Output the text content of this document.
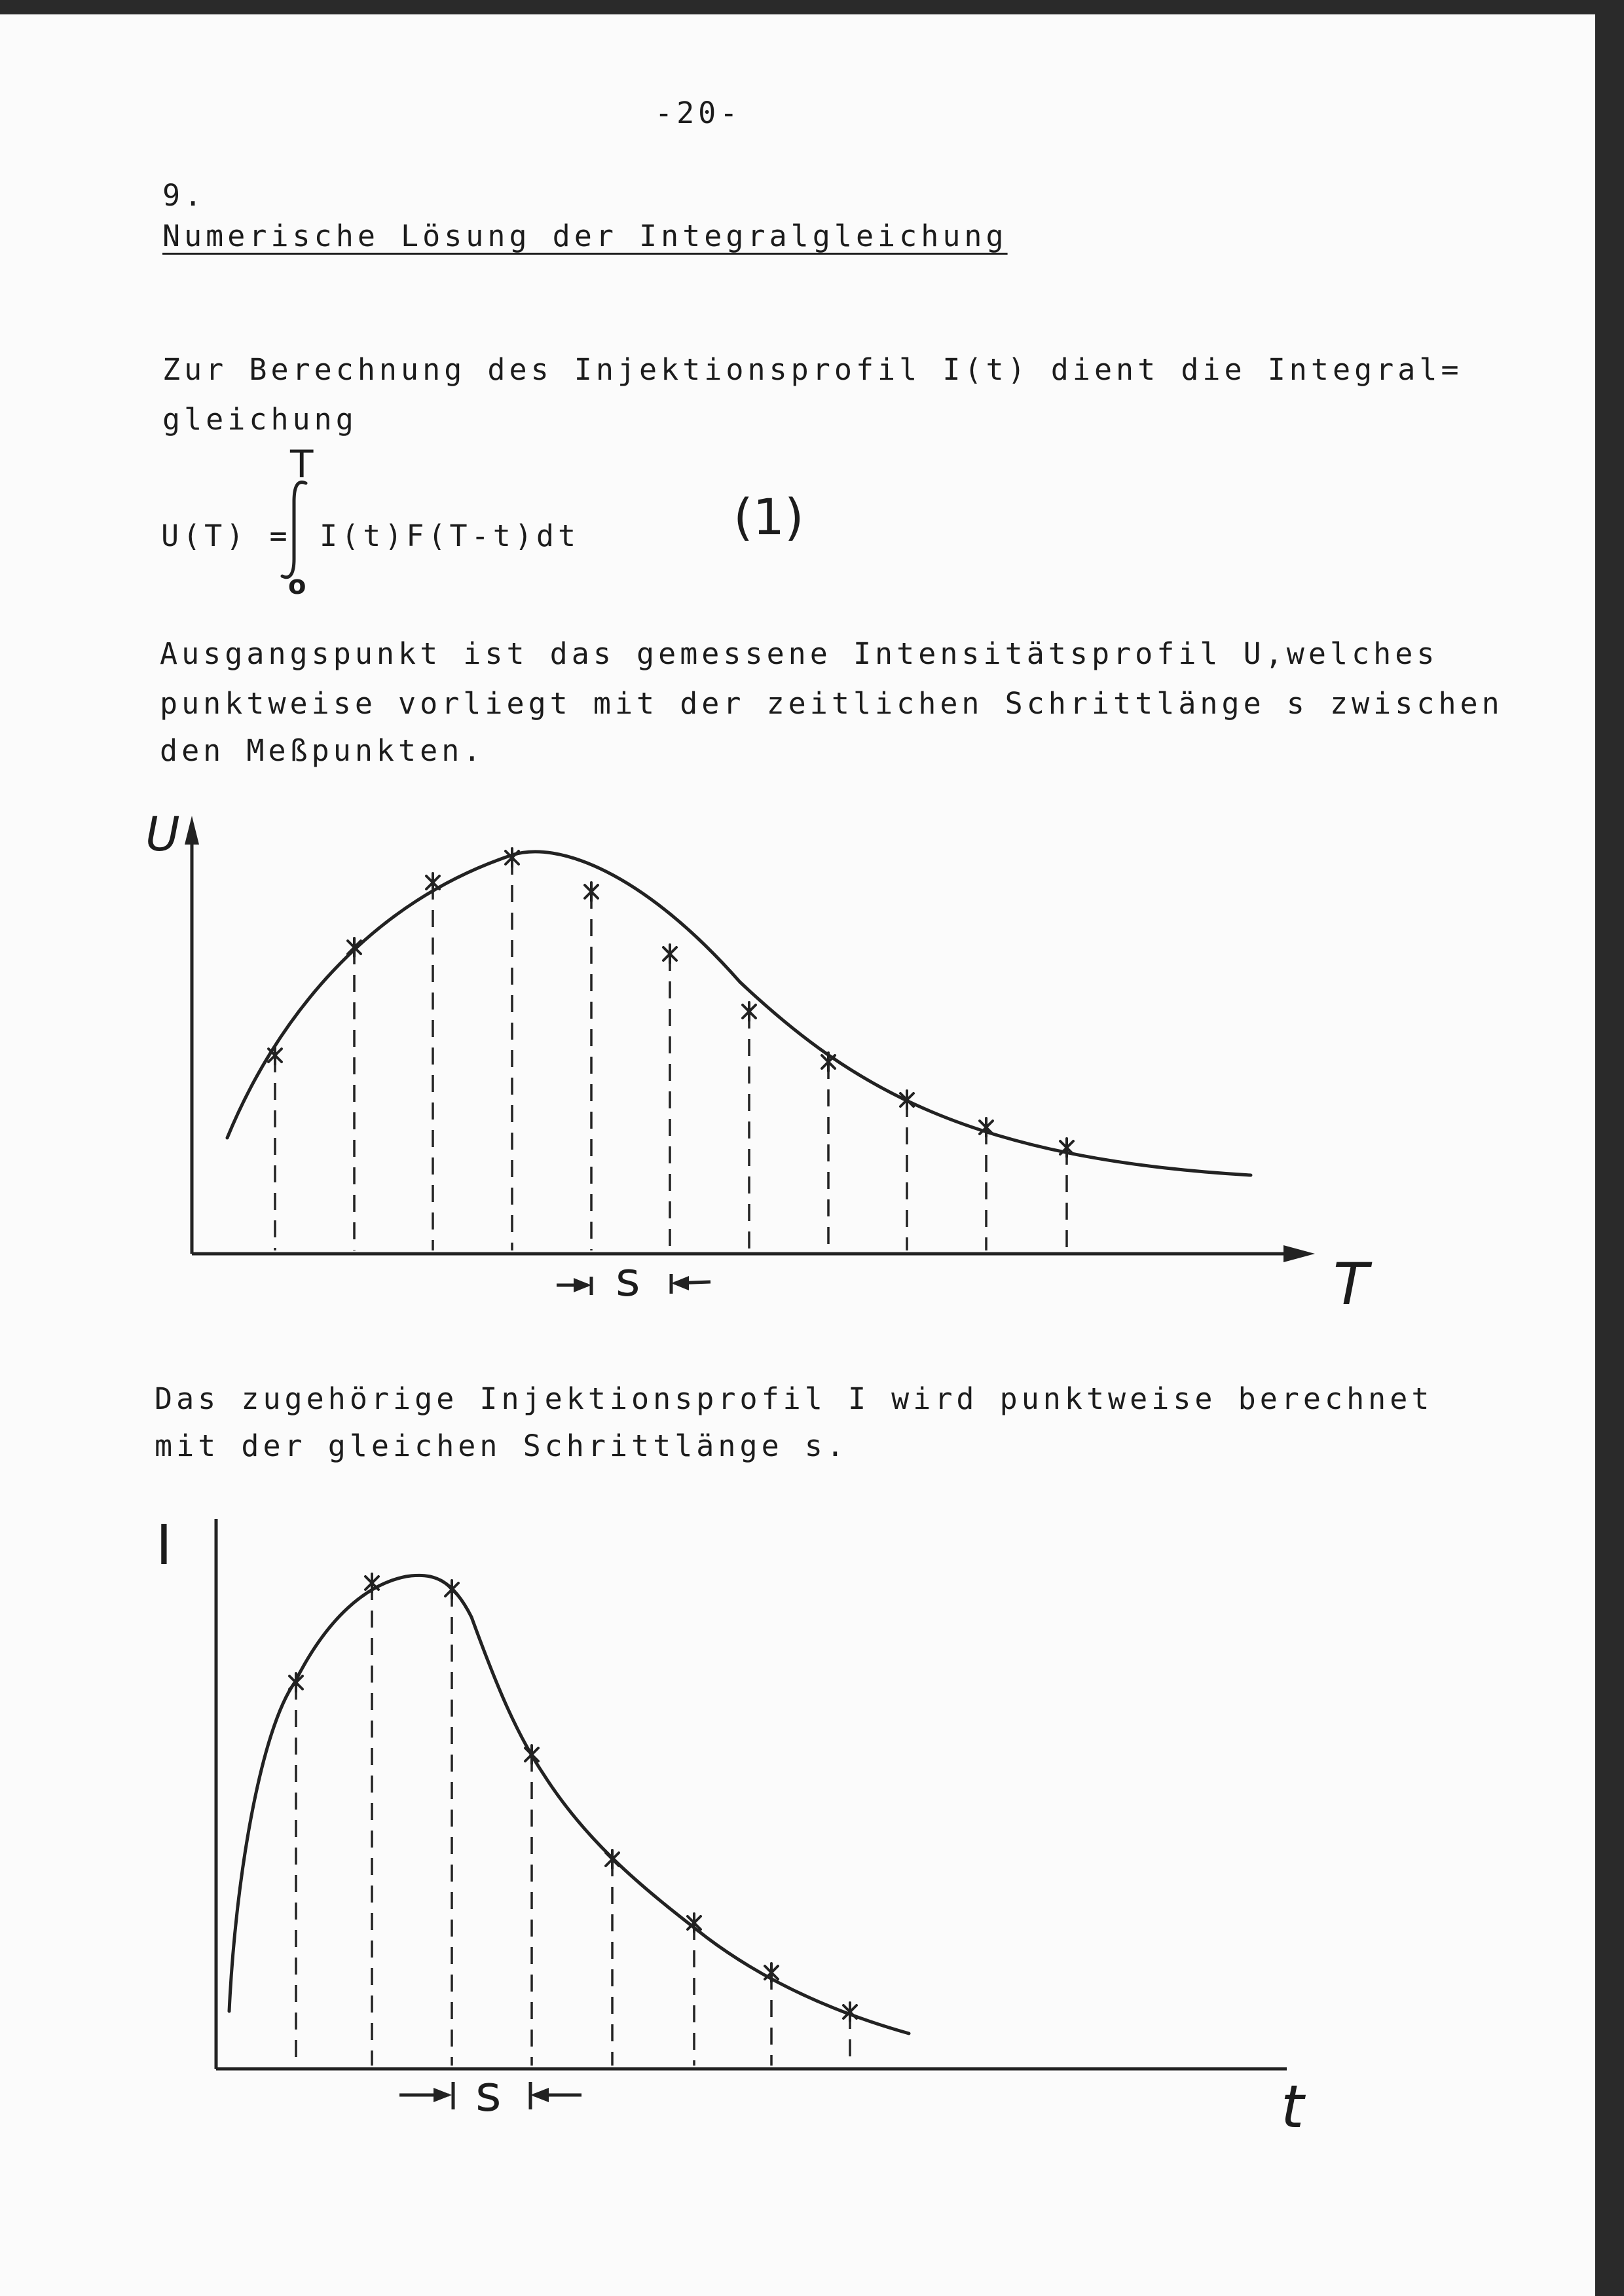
-20-
9.
Numerische Lösung der Integralgleichung
Zur Berechnung des Injektionsprofil I(t) dient die Integral=
gleichung
U(T) =
T
o
I(t)F(T-t)dt	(1)
Ausgangspunkt ist das gemessene Intensitätsprofil U,welches
punktweise vorliegt mit der zeitlichen Schrittlänge s zwischen
den Meßpunkten.
U
T
s
Das zugehörige Injektionsprofil I wird punktweise berechnet
mit der gleichen Schrittlänge s.
I
t
s
